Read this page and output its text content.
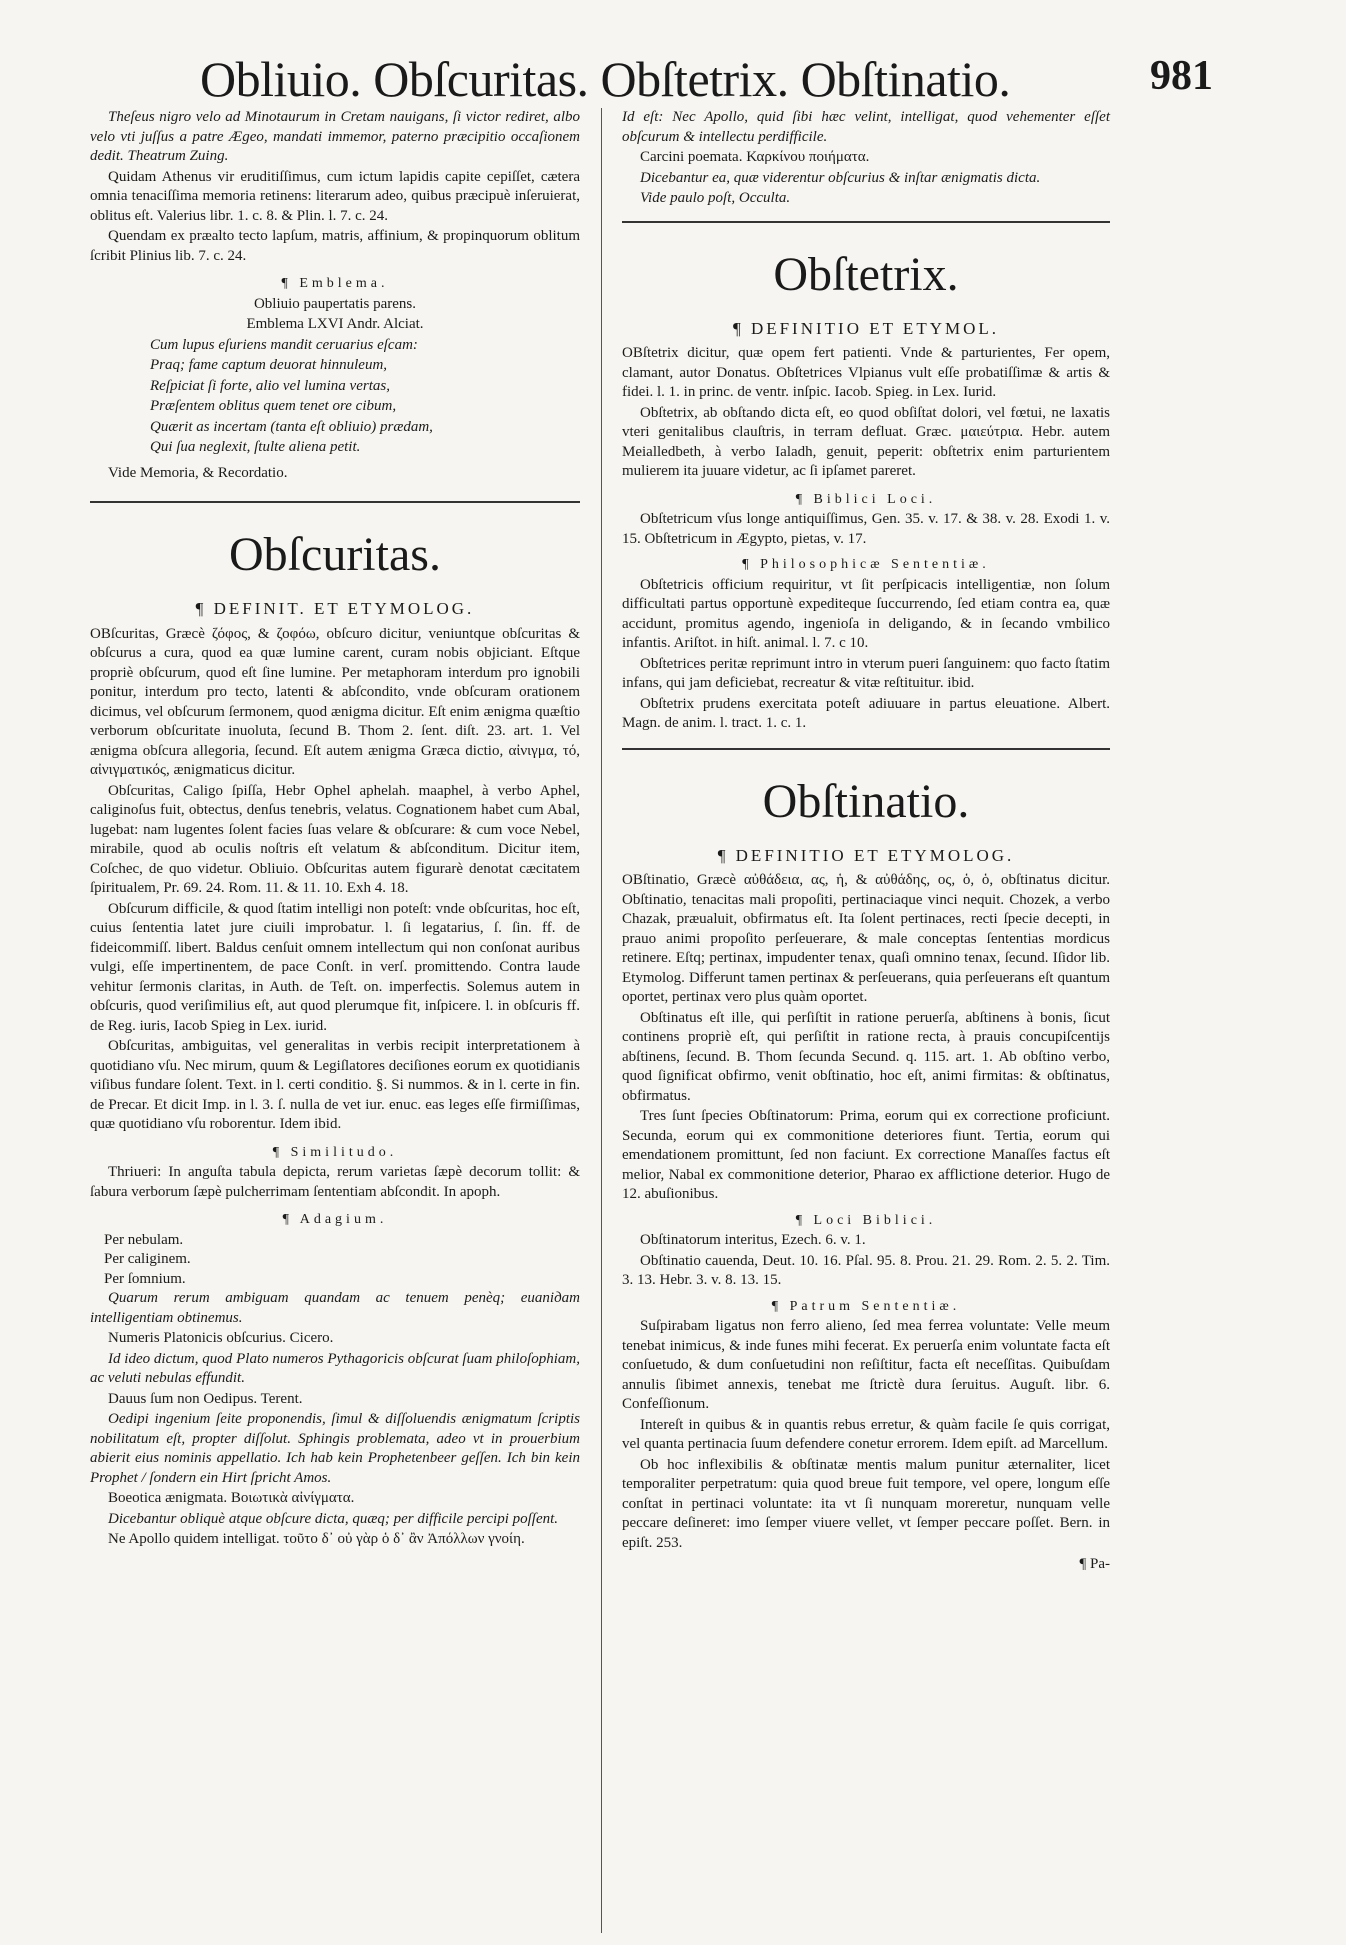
Obliuio. Obſcuritas. Obſtetrix. Obſtinatio.	981

Theſeus nigro velo ad Minotaurum in Cretam nauigans, ſi victor rediret, albo velo vti juſſus a patre Ægeo, mandati immemor, paterno præcipitio occaſionem dedit. Theatrum Zuing.

Quidam Athenus vir eruditiſſimus, cum ictum lapidis capite cepiſſet, cætera omnia tenaciſſima memoria retinens: literarum adeo, quibus præcipuè inſeruierat, oblitus eſt. Valerius libr. 1. c. 8. & Plin. l. 7. c. 24.

Quendam ex præalto tecto lapſum, matris, affinium, & propinquorum oblitum ſcribit Plinius lib. 7. c. 24.

¶ Emblema.

Obliuio paupertatis parens.

Emblema LXVI Andr. Alciat.

Cum lupus eſuriens mandit ceruarius eſcam:

Praq; fame captum deuorat hinnuleum,

Reſpiciat ſi forte, alio vel lumina vertas,

Præſentem oblitus quem tenet ore cibum,

Quærit as incertam (tanta eſt obliuio) prædam,

Qui ſua neglexit, ſtulte aliena petit.

Vide Memoria, & Recordatio.

Obſcuritas.

¶ DEFINIT. ET ETYMOLOG.

OBſcuritas, Græcè ζόφος, & ζοφόω, obſcuro dicitur, veniuntque obſcuritas & obſcurus a cura, quod ea quæ lumine carent, curam nobis objiciant. Eſtque propriè obſcurum, quod eſt ſine lumine. Per metaphoram interdum pro ignobili ponitur, interdum pro tecto, latenti & abſcondito, vnde obſcuram orationem dicimus, vel obſcurum ſermonem, quod ænigma dicitur. Eſt enim ænigma quæſtio verborum obſcuritate inuoluta, ſecund B. Thom 2. ſent. diſt. 23. art. 1. Vel ænigma obſcura allegoria, ſecund. Eſt autem ænigma Græca dictio, αἰνιγμα, τό, αἰνιγματικός, ænigmaticus dicitur.

Obſcuritas, Caligo ſpiſſa, Hebr Ophel aphelah. maaphel, à verbo Aphel, caliginoſus fuit, obtectus, denſus tenebris, velatus. Cognationem habet cum Abal, lugebat: nam lugentes ſolent facies ſuas velare & obſcurare: & cum voce Nebel, mirabile, quod ab oculis noſtris eſt velatum & abſconditum. Dicitur item, Coſchec, de quo videtur. Obliuio. Obſcuritas autem figurarè denotat cæcitatem ſpiritualem, Pr. 69. 24. Rom. 11. & 11. 10. Exh 4. 18.

Obſcurum difficile, & quod ſtatim intelligi non poteſt: vnde obſcuritas, hoc eſt, cuius ſententia latet jure ciuili improbatur. l. ſi legatarius, ſ. ſin. ff. de fideicommiſſ. libert. Baldus cenſuit omnem intellectum qui non conſonat auribus vulgi, eſſe impertinentem, de pace Conſt. in verſ. promittendo. Contra laude vehitur ſermonis claritas, in Auth. de Teſt. on. imperfectis. Solemus autem in obſcuris, quod veriſimilius eſt, aut quod plerumque fit, inſpicere. l. in obſcuris ff. de Reg. iuris, Iacob Spieg in Lex. iurid.

Obſcuritas, ambiguitas, vel generalitas in verbis recipit interpretationem à quotidiano vſu. Nec mirum, quum & Legiſlatores deciſiones eorum ex quotidianis viſibus fundare ſolent. Text. in l. certi conditio. §. Si nummos. & in l. certe in fin. de Precar. Et dicit Imp. in l. 3. ſ. nulla de vet iur. enuc. eas leges eſſe firmiſſimas, quæ quotidiano vſu roborentur. Idem ibid.

¶ Similitudo.

Thriueri: In anguſta tabula depicta, rerum varietas ſæpè decorum tollit: & ſabura verborum ſæpè pulcherrimam ſententiam abſcondit. In apoph.

¶ Adagium.

Per nebulam.

Per caliginem.

Per ſomnium.

Quarum rerum ambiguam quandam ac tenuem penèq; euaniдam intelligentiam obtinemus.

Numeris Platonicis obſcurius. Cicero.

Id ideo dictum, quod Plato numeros Pythagoricis obſcurat ſuam philoſophiam, ac veluti nebulas effundit.

Dauus ſum non Oedipus. Terent.

Oedipi ingenium ſeite proponendis, ſimul & diſſoluendis ænigmatum ſcriptis nobilitatum eſt, propter diſſolut. Sphingis problemata, adeo vt in prouerbium abierit eius nominis appellatio. Ich hab kein Prophetenbeer geſſen. Ich bin kein Prophet / ſondern ein Hirt ſpricht Amos.

Boeotica ænigmata. Βοιωτικὰ αἰνίγματα.

Dicebantur obliquè atque obſcure dicta, quæq; per difficile percipi poſſent.

Ne Apollo quidem intelligat. τοῦτο δ᾽ οὐ γὰρ ὁ δ᾽ ἂν Ἀπόλλων γνοίη.

Id eſt: Nec Apollo, quid ſibi hæc velint, intelligat, quod vehementer eſſet obſcurum & intellectu perdifficile.

Carcini poemata. Καρκίνου ποιήματα.

Dicebantur ea, quæ viderentur obſcurius & inſtar ænigmatis dicta.

Vide paulo poſt, Occulta.

Obſtetrix.

¶ DEFINITIO ET ETYMOL.

OBſtetrix dicitur, quæ opem fert patienti. Vnde & parturientes, Fer opem, clamant, autor Donatus. Obſtetrices Vlpianus vult eſſe probatiſſimæ & artis & fidei. l. 1. in princ. de ventr. inſpic. Iacob. Spieg. in Lex. Iurid.

Obſtetrix, ab obſtando dicta eſt, eo quod obſiſtat dolori, vel fœtui, ne laxatis vteri genitalibus clauſtris, in terram defluat. Græc. μαιεύτρια. Hebr. autem Meialledbeth, à verbo Ialadh, genuit, peperit: obſtetrix enim parturientem mulierem ita juuare videtur, ac ſi ipſamet pareret.

¶ Biblici Loci.

Obſtetricum vſus longe antiquiſſimus, Gen. 35. v. 17. & 38. v. 28. Exodi 1. v. 15. Obſtetricum in Ægypto, pietas, v. 17.

¶ Philosophicæ Sententiæ.

Obſtetricis officium requiritur, vt ſit perſpicacis intelligentiæ, non ſolum difficultati partus opportunè expediteque ſuccurrendo, ſed etiam contra ea, quæ accidunt, promitus agendo, ingenioſa in deligando, & in ſecando vmbilico infantis. Ariſtot. in hiſt. animal. l. 7. c 10.

Obſtetrices peritæ reprimunt intro in vterum pueri ſanguinem: quo facto ſtatim infans, qui jam deficiebat, recreatur & vitæ reſtituitur. ibid.

Obſtetrix prudens exercitata poteſt adiuuare in partus eleuatione. Albert. Magn. de anim. l. tract. 1. c. 1.

Obſtinatio.

¶ DEFINITIO ET ETYMOLOG.

OBſtinatio, Græcè αὐθάδεια, ας, ἡ, & αὐθάδης, ος, ὁ, ὁ, obſtinatus dicitur. Obſtinatio, tenacitas mali propoſiti, pertinaciaque vinci nequit. Chozek, a verbo Chazak, præualuit, obfirmatus eſt. Ita ſolent pertinaces, recti ſpecie decepti, in prauo animi propoſito perſeuerare, & male conceptas ſententias mordicus retinere. Eſtq; pertinax, impudenter tenax, quaſi omnino tenax, ſecund. Iſidor lib. Etymolog. Differunt tamen pertinax & perſeuerans, quia perſeuerans eſt quantum oportet, pertinax vero plus quàm oportet.

Obſtinatus eſt ille, qui perſiſtit in ratione peruerſa, abſtinens à bonis, ſicut continens propriè eſt, qui perſiſtit in ratione recta, à prauis concupiſcentijs abſtinens, ſecund. B. Thom ſecunda Secund. q. 115. art. 1. Ab obſtino verbo, quod ſignificat obfirmo, venit obſtinatio, hoc eſt, animi firmitas: & obſtinatus, obfirmatus.

Tres ſunt ſpecies Obſtinatorum: Prima, eorum qui ex correctione proficiunt. Secunda, eorum qui ex commonitione deteriores fiunt. Tertia, eorum qui emendationem promittunt, ſed non faciunt. Ex correctione Manaſſes factus eſt melior, Nabal ex commonitione deterior, Pharao ex afflictione deterior. Hugo de 12. abuſionibus.

¶ Loci Biblici.

Obſtinatorum interitus, Ezech. 6. v. 1.

Obſtinatio cauenda, Deut. 10. 16. Pſal. 95. 8. Prou. 21. 29. Rom. 2. 5. 2. Tim. 3. 13. Hebr. 3. v. 8. 13. 15.

¶ Patrum Sententiæ.

Suſpirabam ligatus non ferro alieno, ſed mea ferrea voluntate: Velle meum tenebat inimicus, & inde funes mihi fecerat. Ex peruerſa enim voluntate facta eſt conſuetudo, & dum conſuetudini non reſiſtitur, facta eſt neceſſitas. Quibuſdam annulis ſibimet annexis, tenebat me ſtrictè dura ſeruitus. Auguſt. libr. 6. Confeſſionum.

Intereſt in quibus & in quantis rebus erretur, & quàm facile ſe quis corrigat, vel quanta pertinacia ſuum defendere conetur errorem. Idem epiſt. ad Marcellum.

Ob hoc inflexibilis & obſtinatæ mentis malum punitur æternaliter, licet temporaliter perpetratum: quia quod breue fuit tempore, vel opere, longum eſſe conſtat in pertinaci voluntate: ita vt ſi nunquam moreretur, nunquam velle peccare deſineret: imo ſemper viuere vellet, vt ſemper peccare poſſet. Bern. in epiſt. 253.

¶ Pa-
